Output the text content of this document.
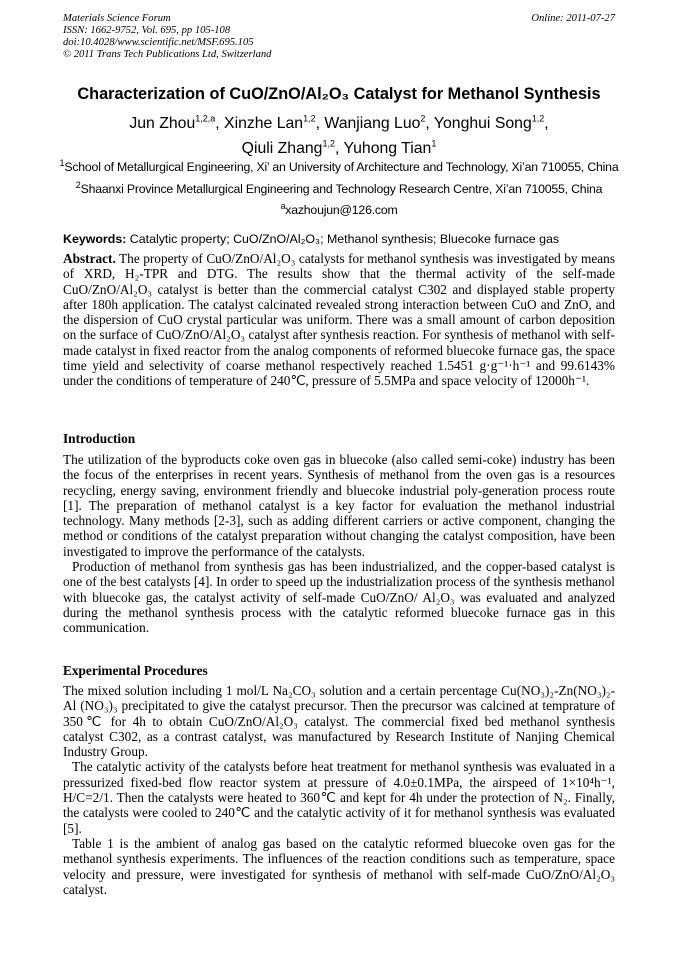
Materials Science Forum
ISSN: 1662-9752, Vol. 695, pp 105-108
doi:10.4028/www.scientific.net/MSF.695.105
© 2011 Trans Tech Publications Ltd, Switzerland
Online: 2011-07-27
Characterization of CuO/ZnO/Al₂O₃ Catalyst for Methanol Synthesis
Jun Zhou$^{1,2,a}$, Xinzhe Lan$^{1,2}$, Wanjiang Luo$^2$, Yonghui Song$^{1,2}$,
Qiuli Zhang$^{1,2}$, Yuhong Tian$^1$
$^1$School of Metallurgical Engineering, Xi’ an University of Architecture and Technology, Xi’an 710055, China
$^2$Shaanxi Province Metallurgical Engineering and Technology Research Centre, Xi’an 710055, China
$^a$xazhoujun@126.com
Keywords: Catalytic property; CuO/ZnO/Al₂O₃; Methanol synthesis; Bluecoke furnace gas

Abstract. The property of CuO/ZnO/Al₂O₃ catalysts for methanol synthesis was investigated by means of XRD, H₂-TPR and DTG. The results show that the thermal activity of the self-made CuO/ZnO/Al₂O₃ catalyst is better than the commercial catalyst C302 and displayed stable property after 180h application. The catalyst calcinated revealed strong interaction between CuO and ZnO, and the dispersion of CuO crystal particular was uniform. There was a small amount of carbon deposition on the surface of CuO/ZnO/Al₂O₃ catalyst after synthesis reaction. For synthesis of methanol with self-made catalyst in fixed reactor from the analog components of reformed bluecoke furnace gas, the space time yield and selectivity of coarse methanol respectively reached 1.5451 g·g⁻¹·h⁻¹ and 99.6143% under the conditions of temperature of 240℃, pressure of 5.5MPa and space velocity of 12000h⁻¹.

Introduction

The utilization of the byproducts coke oven gas in bluecoke (also called semi-coke) industry has been the focus of the enterprises in recent years. Synthesis of methanol from the oven gas is a resources recycling, energy saving, environment friendly and bluecoke industrial poly-generation process route [1]. The preparation of methanol catalyst is a key factor for evaluation the methanol industrial technology. Many methods [2-3], such as adding different carriers or active component, changing the method or conditions of the catalyst preparation without changing the catalyst composition, have been investigated to improve the performance of the catalysts.

Production of methanol from synthesis gas has been industrialized, and the copper-based catalyst is one of the best catalysts [4]. In order to speed up the industrialization process of the synthesis methanol with bluecoke gas, the catalyst activity of self-made CuO/ZnO/ Al₂O₃ was evaluated and analyzed during the methanol synthesis process with the catalytic reformed bluecoke furnace gas in this communication.

Experimental Procedures

The mixed solution including 1 mol/L Na₂CO₃ solution and a certain percentage Cu(NO₃)₂-Zn(NO₃)₂-Al (NO₃)₃ precipitated to give the catalyst precursor. Then the precursor was calcined at temprature of 350℃ for 4h to obtain CuO/ZnO/Al₂O₃ catalyst. The commercial fixed bed methanol synthesis catalyst C302, as a contrast catalyst, was manufactured by Research Institute of Nanjing Chemical Industry Group.

The catalytic activity of the catalysts before heat treatment for methanol synthesis was evaluated in a pressurized fixed-bed flow reactor system at pressure of 4.0±0.1MPa, the airspeed of 1×10⁴h⁻¹, H/C=2/1. Then the catalysts were heated to 360℃ and kept for 4h under the protection of N₂. Finally, the catalysts were cooled to 240℃ and the catalytic activity of it for methanol synthesis was evaluated [5].

Table 1 is the ambient of analog gas based on the catalytic reformed bluecoke oven gas for the methanol synthesis experiments. The influences of the reaction conditions such as temperature, space velocity and pressure, were investigated for synthesis of methanol with self-made CuO/ZnO/Al₂O₃ catalyst.
